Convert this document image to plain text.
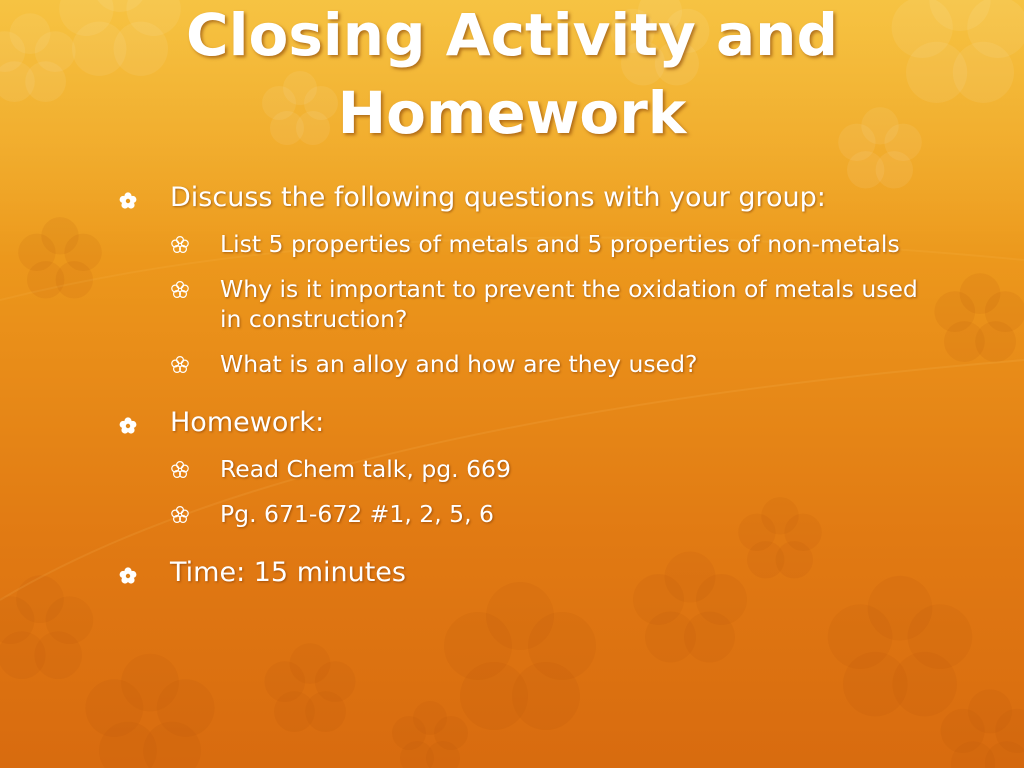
Closing Activity and
Homework
Discuss the following questions with your group:
List 5 properties of metals and 5 properties of non-metals
Why is it important to prevent the oxidation of metals used in construction?
What is an alloy and how are they used?
Homework:
Read Chem talk, pg. 669
Pg. 671-672 #1, 2, 5, 6
Time: 15 minutes
